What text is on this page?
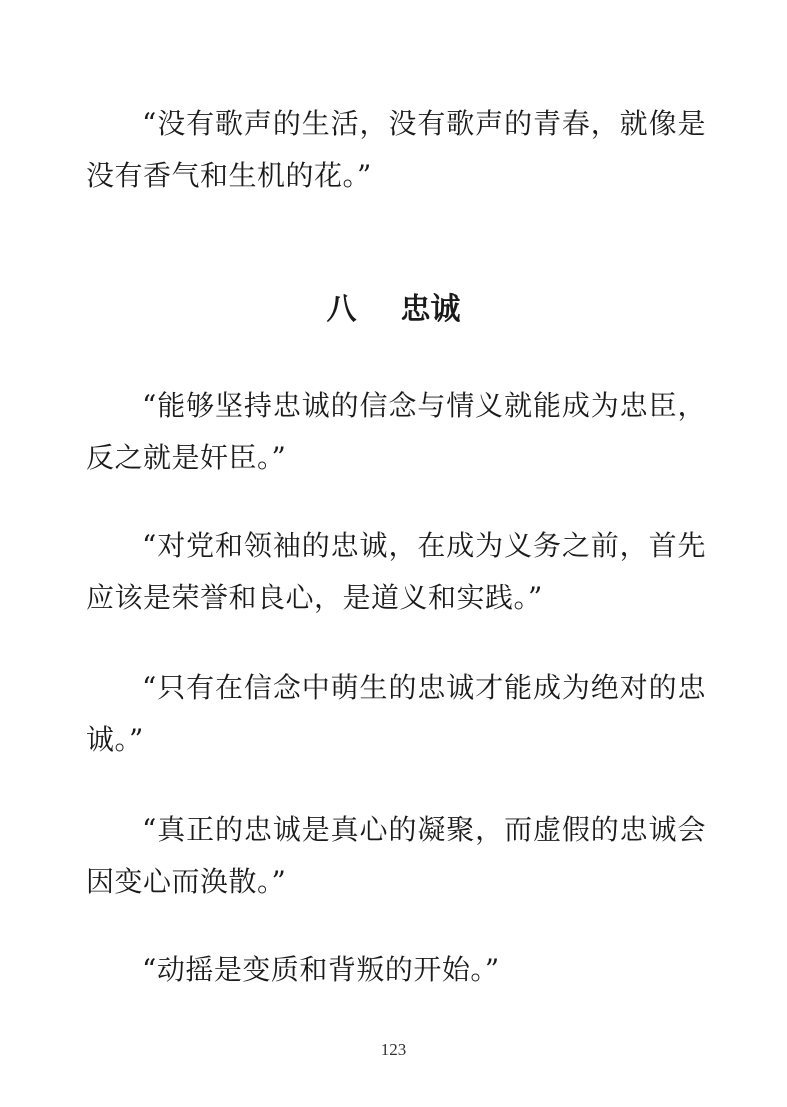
“没有歌声的生活，没有歌声的青春，就像是没有香气和生机的花。”

八 忠诚

“能够坚持忠诚的信念与情义就能成为忠臣，反之就是奸臣。”

“对党和领袖的忠诚，在成为义务之前，首先应该是荣誉和良心，是道义和实践。”

“只有在信念中萌生的忠诚才能成为绝对的忠诚。”

“真正的忠诚是真心的凝聚，而虚假的忠诚会因变心而涣散。”

“动摇是变质和背叛的开始。”

123
